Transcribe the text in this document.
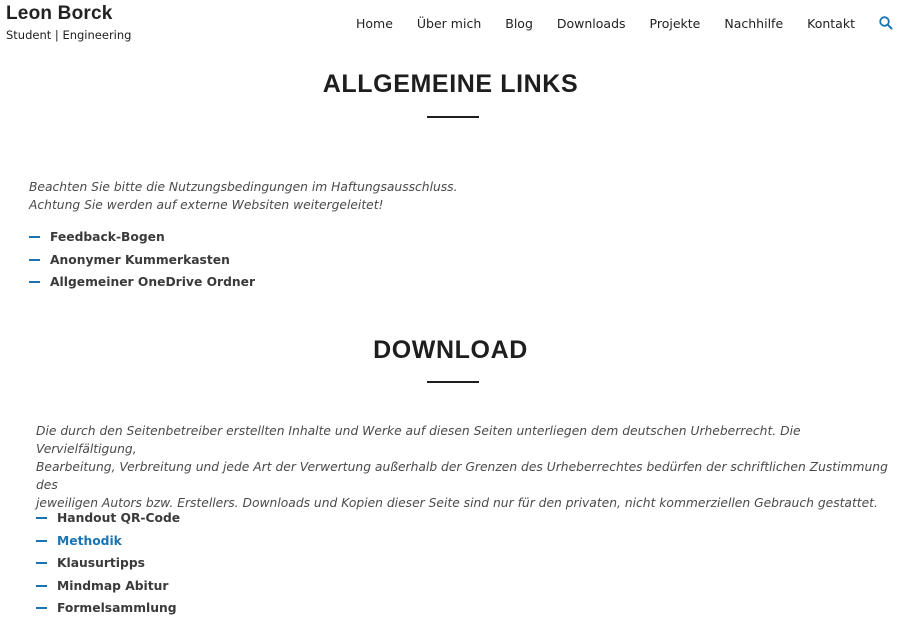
Leon Borck
Student | Engineering
Home Über mich Blog Downloads Projekte Nachhilfe Kontakt
ALLGEMEINE LINKS
Beachten Sie bitte die Nutzungsbedingungen im Haftungsausschluss.
Achtung Sie werden auf externe Websiten weitergeleitet!
Feedback-Bogen
Anonymer Kummerkasten
Allgemeiner OneDrive Ordner
DOWNLOAD
Die durch den Seitenbetreiber erstellten Inhalte und Werke auf diesen Seiten unterliegen dem deutschen Urheberrecht. Die Vervielfältigung,
Bearbeitung, Verbreitung und jede Art der Verwertung außerhalb der Grenzen des Urheberrechtes bedürfen der schriftlichen Zustimmung des
jeweiligen Autors bzw. Erstellers. Downloads und Kopien dieser Seite sind nur für den privaten, nicht kommerziellen Gebrauch gestattet.
Handout QR-Code
Methodik
Klausurtipps
Mindmap Abitur
Formelsammlung
